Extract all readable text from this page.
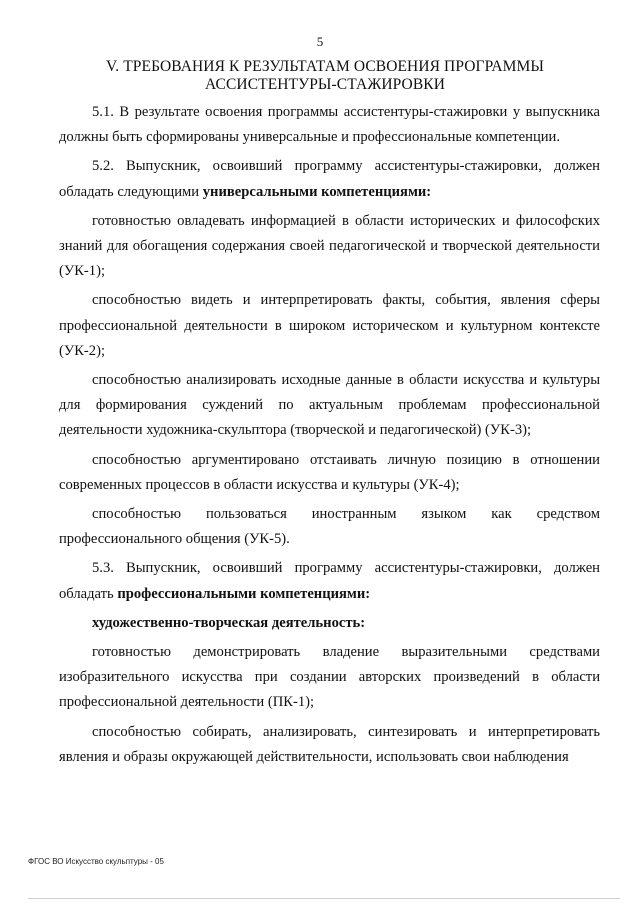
5
V. ТРЕБОВАНИЯ К РЕЗУЛЬТАТАМ ОСВОЕНИЯ ПРОГРАММЫ
АССИСТЕНТУРЫ-СТАЖИРОВКИ

5.1. В результате освоения программы ассистентуры-стажировки у выпускника должны быть сформированы универсальные и профессиональные компетенции.

5.2. Выпускник, освоивший программу ассистентуры-стажировки, должен обладать следующими универсальными компетенциями:

готовностью овладевать информацией в области исторических и философских знаний для обогащения содержания своей педагогической и творческой деятельности (УК-1);

способностью видеть и интерпретировать факты, события, явления сферы профессиональной деятельности в широком историческом и культурном контексте (УК-2);

способностью анализировать исходные данные в области искусства и культуры для формирования суждений по актуальным проблемам профессиональной деятельности художника-скульптора (творческой и педагогической) (УК-3);

способностью аргументировано отстаивать личную позицию в отношении современных процессов в области искусства и культуры (УК-4);

способностью пользоваться иностранным языком как средством профессионального общения (УК-5).

5.3. Выпускник, освоивший программу ассистентуры-стажировки, должен обладать профессиональными компетенциями:

художественно-творческая деятельность:

готовностью демонстрировать владение выразительными средствами изобразительного искусства при создании авторских произведений в области профессиональной деятельности (ПК-1);

способностью собирать, анализировать, синтезировать и интерпретировать явления и образы окружающей действительности, использовать свои наблюдения

ФГОС ВО Искусство скульптуры - 05
